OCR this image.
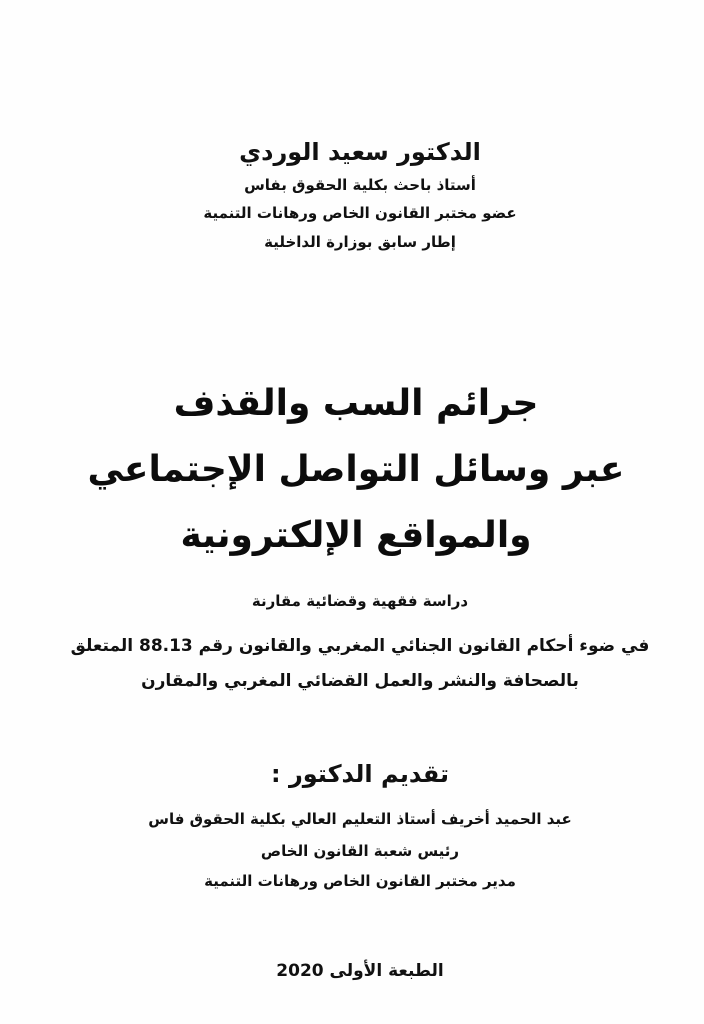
الدكتور سعيد الوردي
أستاذ باحث بكلية الحقوق بفاس
عضو مختبر القانون الخاص ورهانات التنمية
إطار سابق بوزارة الداخلية
جرائم السب والقذف
عبر وسائل التواصل الإجتماعي
والمواقع الإلكترونية
دراسة فقهية وقضائية مقارنة
في ضوء أحكام القانون الجنائي المغربي والقانون رقم 88.13 المتعلق
بالصحافة والنشر والعمل القضائي المغربي والمقارن
تقديم الدكتور :
عبد الحميد أخريف أستاذ التعليم العالي بكلية الحقوق فاس
رئيس شعبة القانون الخاص
مدير مختبر القانون الخاص ورهانات التنمية
الطبعة الأولى 2020
